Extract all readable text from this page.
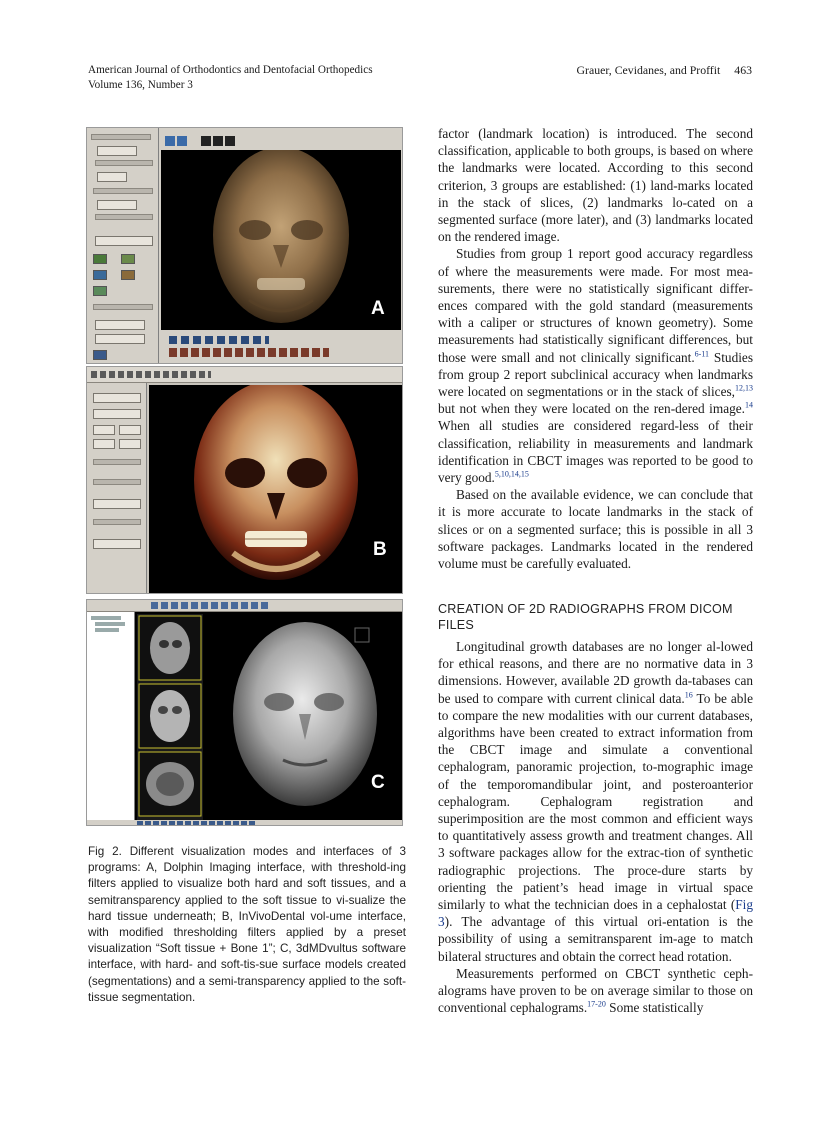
American Journal of Orthodontics and Dentofacial Orthopedics
Volume 136, Number 3
Grauer, Cevidanes, and Proffit 463
A
B
C
Fig 2. Different visualization modes and interfaces of 3 programs: A, Dolphin Imaging interface, with threshold-ing filters applied to visualize both hard and soft tissues, and a semitransparency applied to the soft tissue to vi-sualize the hard tissue underneath; B, InVivoDental vol-ume interface, with modified thresholding filters applied by a preset visualization “Soft tissue + Bone 1”; C, 3dMDvultus software interface, with hard- and soft-tis-sue surface models created (segmentations) and a semi-transparency applied to the soft-tissue segmentation.

factor (landmark location) is introduced. The second classification, applicable to both groups, is based on where the landmarks were located. According to this second criterion, 3 groups are established: (1) land-marks located in the stack of slices, (2) landmarks lo-cated on a segmented surface (more later), and (3) landmarks located on the rendered image.

Studies from group 1 report good accuracy regardless of where the measurements were made. For most mea-surements, there were no statistically significant differ-ences compared with the gold standard (measurements with a caliper or structures of known geometry). Some measurements had statistically significant differences, but those were small and not clinically significant.$^{6-11}$ Studies from group 2 report subclinical accuracy when landmarks were located on segmentations or in the stack of slices,$^{12,13}$ but not when they were located on the ren-dered image.$^{14}$ When all studies are considered regard-less of their classification, reliability in measurements and landmark identification in CBCT images was reported to be good to very good.$^{5,10,14,15}$

Based on the available evidence, we can conclude that it is more accurate to locate landmarks in the stack of slices or on a segmented surface; this is possible in all 3 software packages. Landmarks located in the rendered volume must be carefully evaluated.

CREATION OF 2D RADIOGRAPHS FROM DICOM FILES

Longitudinal growth databases are no longer al-lowed for ethical reasons, and there are no normative data in 3 dimensions. However, available 2D growth da-tabases can be used to compare with current clinical data.$^{16}$ To be able to compare the new modalities with our current databases, algorithms have been created to extract information from the CBCT image and simulate a conventional cephalogram, panoramic projection, to-mographic image of the temporomandibular joint, and posteroanterior cephalogram. Cephalogram registration and superimposition are the most common and efficient ways to quantitatively assess growth and treatment changes. All 3 software packages allow for the extrac-tion of synthetic radiographic projections. The proce-dure starts by orienting the patient’s head image in virtual space similarly to what the technician does in a cephalostat (Fig 3). The advantage of this virtual ori-entation is the possibility of using a semitransparent im-age to match bilateral structures and obtain the correct head rotation.

Measurements performed on CBCT synthetic ceph-alograms have proven to be on average similar to those on conventional cephalograms.$^{17-20}$ Some statistically
